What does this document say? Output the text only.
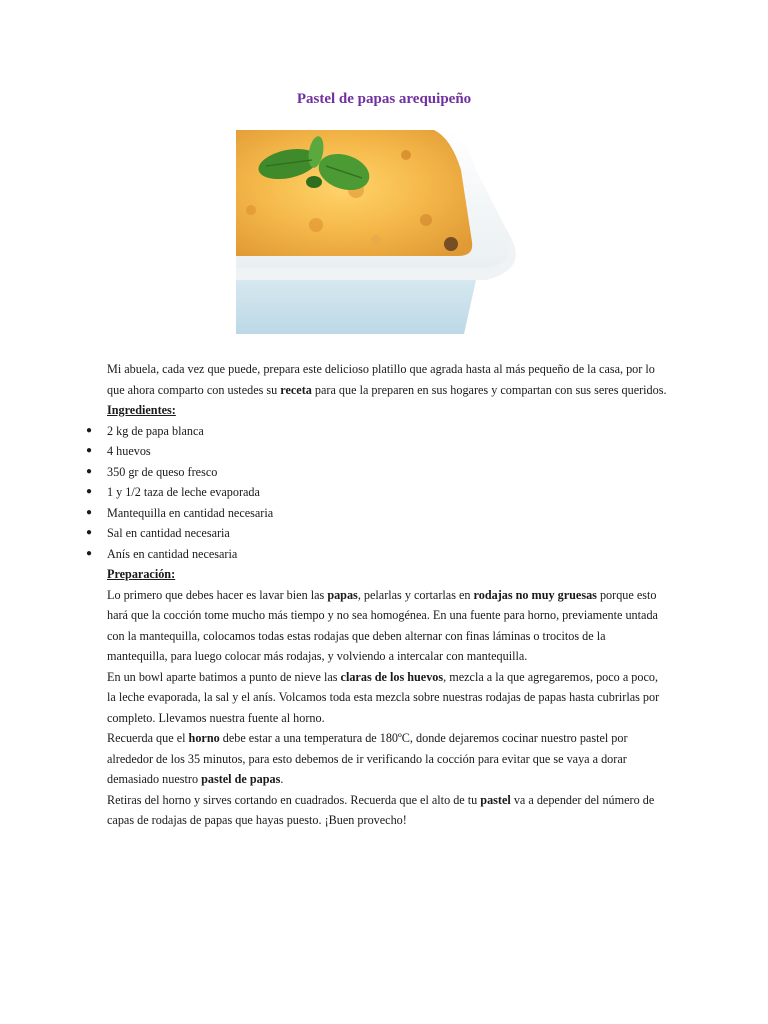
Pastel de papas arequipeño

Mi abuela, cada vez que puede, prepara este delicioso platillo que agrada hasta al más pequeño de la casa, por lo que ahora comparto con ustedes su receta para que la preparen en sus hogares y compartan con sus seres queridos.

Ingredientes:

● 2 kg de papa blanca
● 4 huevos
● 350 gr de queso fresco
● 1 y 1/2 taza de leche evaporada
● Mantequilla en cantidad necesaria
● Sal en cantidad necesaria
● Anís en cantidad necesaria

Preparación:

Lo primero que debes hacer es lavar bien las papas, pelarlas y cortarlas en rodajas no muy gruesas porque esto hará que la cocción tome mucho más tiempo y no sea homogénea. En una fuente para horno, previamente untada con la mantequilla, colocamos todas estas rodajas que deben alternar con finas láminas o trocitos de la mantequilla, para luego colocar más rodajas, y volviendo a intercalar con mantequilla.

En un bowl aparte batimos a punto de nieve las claras de los huevos, mezcla a la que agregaremos, poco a poco, la leche evaporada, la sal y el anís. Volcamos toda esta mezcla sobre nuestras rodajas de papas hasta cubrirlas por completo. Llevamos nuestra fuente al horno.

Recuerda que el horno debe estar a una temperatura de 180ºC, donde dejaremos cocinar nuestro pastel por alrededor de los 35 minutos, para esto debemos de ir verificando la cocción para evitar que se vaya a dorar demasiado nuestro pastel de papas.

Retiras del horno y sirves cortando en cuadrados. Recuerda que el alto de tu pastel va a depender del número de capas de rodajas de papas que hayas puesto. ¡Buen provecho!
